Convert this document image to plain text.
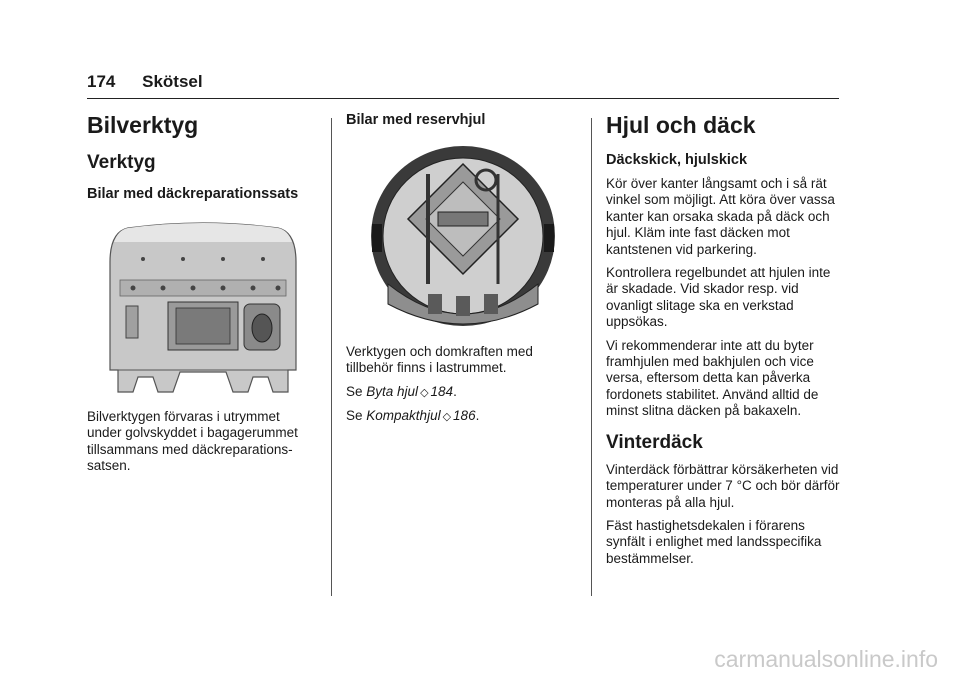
174 Skötsel
Bilverktyg
Verktyg
Bilar med däckreparationssats

Bilverktygen förvaras i utrymmet under golvskyddet i bagagerummet tillsammans med däckreparations- satsen.

Bilar med reservhjul

Verktygen och domkraften med tillbehör finns i lastrummet.

Se Byta hjul ◇ 184.

Se Kompakthjul ◇ 186.

Hjul och däck
Däckskick, hjulskick

Kör över kanter långsamt och i så rät vinkel som möjligt. Att köra över vassa kanter kan orsaka skada på däck och hjul. Kläm inte fast däcken mot kantstenen vid parkering.

Kontrollera regelbundet att hjulen inte är skadade. Vid skador resp. vid ovanligt slitage ska en verkstad uppsökas.

Vi rekommenderar inte att du byter framhjulen med bakhjulen och vice versa, eftersom detta kan påverka fordonets stabilitet. Använd alltid de minst slitna däcken på bakaxeln.

Vinterdäck

Vinterdäck förbättrar körsäkerheten vid temperaturer under 7 °C och bör därför monteras på alla hjul.

Fäst hastighetsdekalen i förarens synfält i enlighet med landsspecifika bestämmelser.

carmanualsonline.info
